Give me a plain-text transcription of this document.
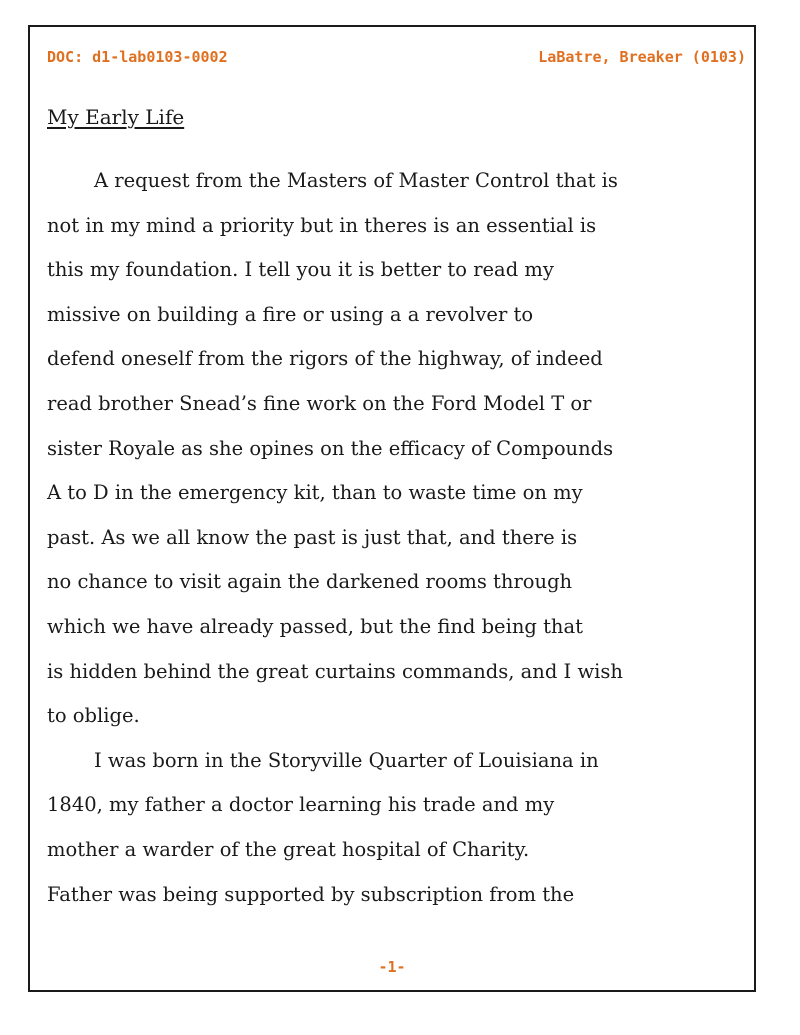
DOC: d1-lab0103-0002	LaBatre, Breaker (0103)
My Early Life
A request from the Masters of Master Control that is
not in my mind a priority but in theres is an essential is
this my foundation. I tell you it is better to read my
missive on building a fire or using a a revolver to
defend oneself from the rigors of the highway, of indeed
read brother Snead’s fine work on the Ford Model T or
sister Royale as she opines on the efficacy of Compounds
A to D in the emergency kit, than to waste time on my
past. As we all know the past is just that, and there is
no chance to visit again the darkened rooms through
which we have already passed, but the find being that
is hidden behind the great curtains commands, and I wish
to oblige.
I was born in the Storyville Quarter of Louisiana in
1840, my father a doctor learning his trade and my
mother a warder of the great hospital of Charity.
Father was being supported by subscription from the
-1-
